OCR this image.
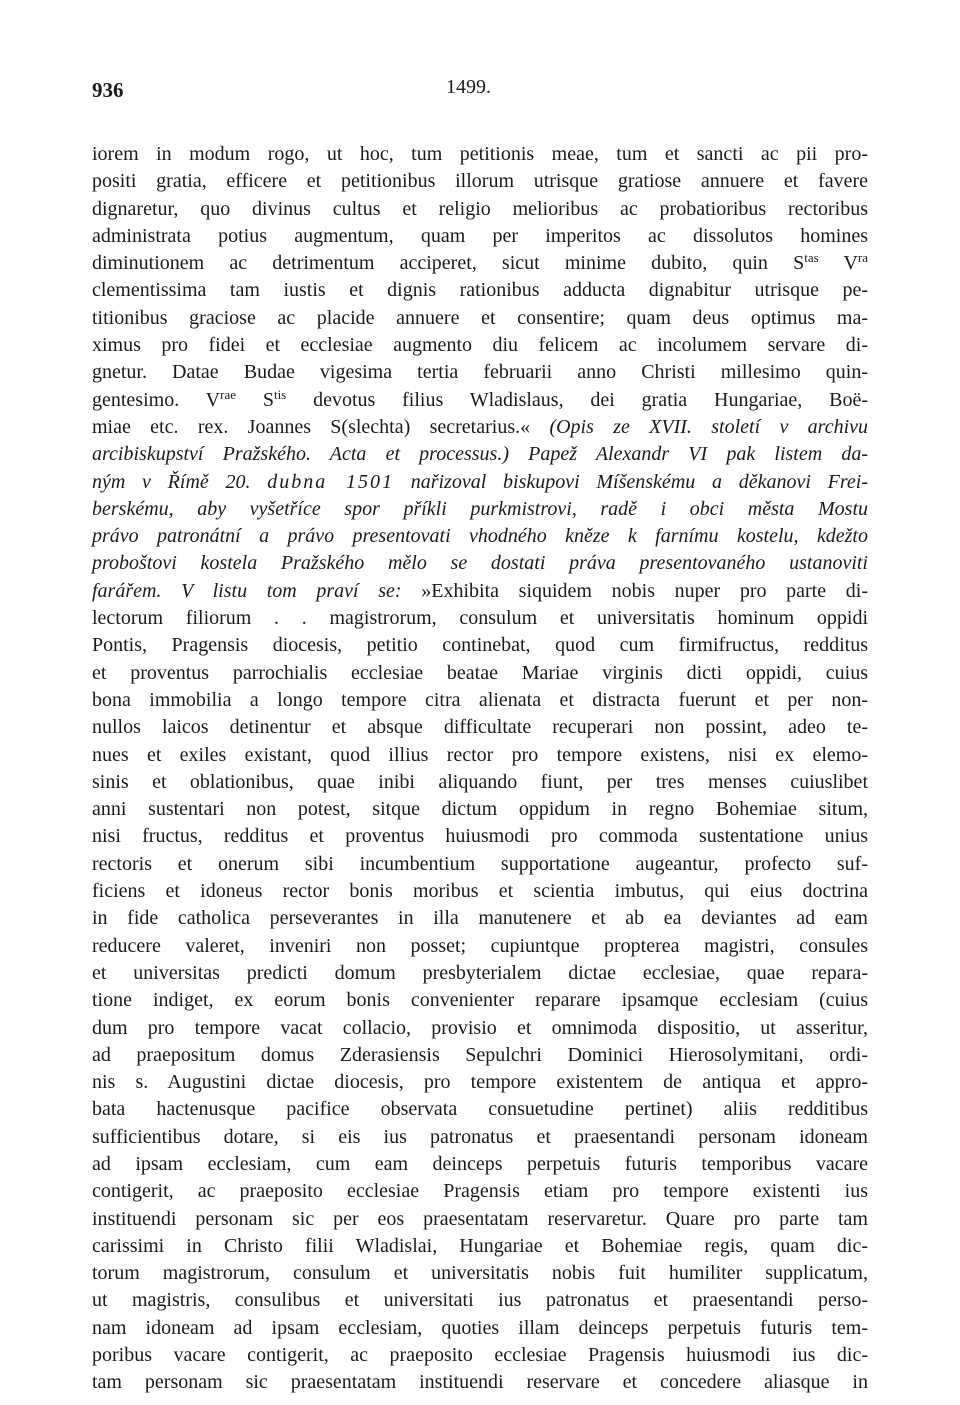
936	1499.
iorem in modum rogo, ut hoc, tum petitionis meae, tum et sancti ac pii pro-
positi gratia, efficere et petitionibus illorum utrisque gratiose annuere et favere
dignaretur, quo divinus cultus et religio melioribus ac probatioribus rectoribus
administrata potius augmentum, quam per imperitos ac dissolutos homines
diminutionem ac detrimentum acciperet, sicut minime dubito, quin $S^{tas}$ $V^{ra}$
clementissima tam iustis et dignis rationibus adducta dignabitur utrisque pe-
titionibus graciose ac placide annuere et consentire; quam deus optimus ma-
ximus pro fidei et ecclesiae augmento diu felicem ac incolumem servare di-
gnetur. Datae Budae vigesima tertia februarii anno Christi millesimo quin-
gentesimo. $V^{rae}$ $S^{tis}$ devotus filius Wladislaus, dei gratia Hungariae, Boë-
miae etc. rex. Joannes S(slechta) secretarius.« (Opis ze XVII. století v archivu
arcibiskupství Pražského. Acta et processus.) Papež Alexandr VI pak listem da-
ným v Římě 20. dubna 1501 nařizoval biskupovi Míšenskému a děkanovi Frei-
berskému, aby vyšetříce spor příkli purkmistrovi, radě i obci města Mostu
právo patronátní a právo presentovati vhodného kněze k farnímu kostelu, kdežto
proboštovi kostela Pražského mělo se dostati práva presentovaného ustanoviti
farářem. V listu tom praví se: »Exhibita siquidem nobis nuper pro parte di-
lectorum filiorum . . magistrorum, consulum et universitatis hominum oppidi
Pontis, Pragensis diocesis, petitio continebat, quod cum firmifructus, redditus
et proventus parrochialis ecclesiae beatae Mariae virginis dicti oppidi, cuius
bona immobilia a longo tempore citra alienata et distracta fuerunt et per non-
nullos laicos detinentur et absque difficultate recuperari non possint, adeo te-
nues et exiles existant, quod illius rector pro tempore existens, nisi ex elemo-
sinis et oblationibus, quae inibi aliquando fiunt, per tres menses cuiuslibet
anni sustentari non potest, sitque dictum oppidum in regno Bohemiae situm,
nisi fructus, redditus et proventus huiusmodi pro commoda sustentatione unius
rectoris et onerum sibi incumbentium supportatione augeantur, profecto suf-
ficiens et idoneus rector bonis moribus et scientia imbutus, qui eius doctrina
in fide catholica perseverantes in illa manutenere et ab ea deviantes ad eam
reducere valeret, inveniri non posset; cupiuntque propterea magistri, consules
et universitas predicti domum presbyterialem dictae ecclesiae, quae repara-
tione indiget, ex eorum bonis convenienter reparare ipsamque ecclesiam (cuius
dum pro tempore vacat collacio, provisio et omnimoda dispositio, ut asseritur,
ad praepositum domus Zderasiensis Sepulchri Dominici Hierosolymitani, ordi-
nis s. Augustini dictae diocesis, pro tempore existentem de antiqua et appro-
bata hactenusque pacifice observata consuetudine pertinet) aliis redditibus
sufficientibus dotare, si eis ius patronatus et praesentandi personam idoneam
ad ipsam ecclesiam, cum eam deinceps perpetuis futuris temporibus vacare
contigerit, ac praeposito ecclesiae Pragensis etiam pro tempore existenti ius
instituendi personam sic per eos praesentatam reservaretur. Quare pro parte tam
carissimi in Christo filii Wladislai, Hungariae et Bohemiae regis, quam dic-
torum magistrorum, consulum et universitatis nobis fuit humiliter supplicatum,
ut magistris, consulibus et universitati ius patronatus et praesentandi perso-
nam idoneam ad ipsam ecclesiam, quoties illam deinceps perpetuis futuris tem-
poribus vacare contigerit, ac praeposito ecclesiae Pragensis huiusmodi ius dic-
tam personam sic praesentatam instituendi reservare et concedere aliasque in
